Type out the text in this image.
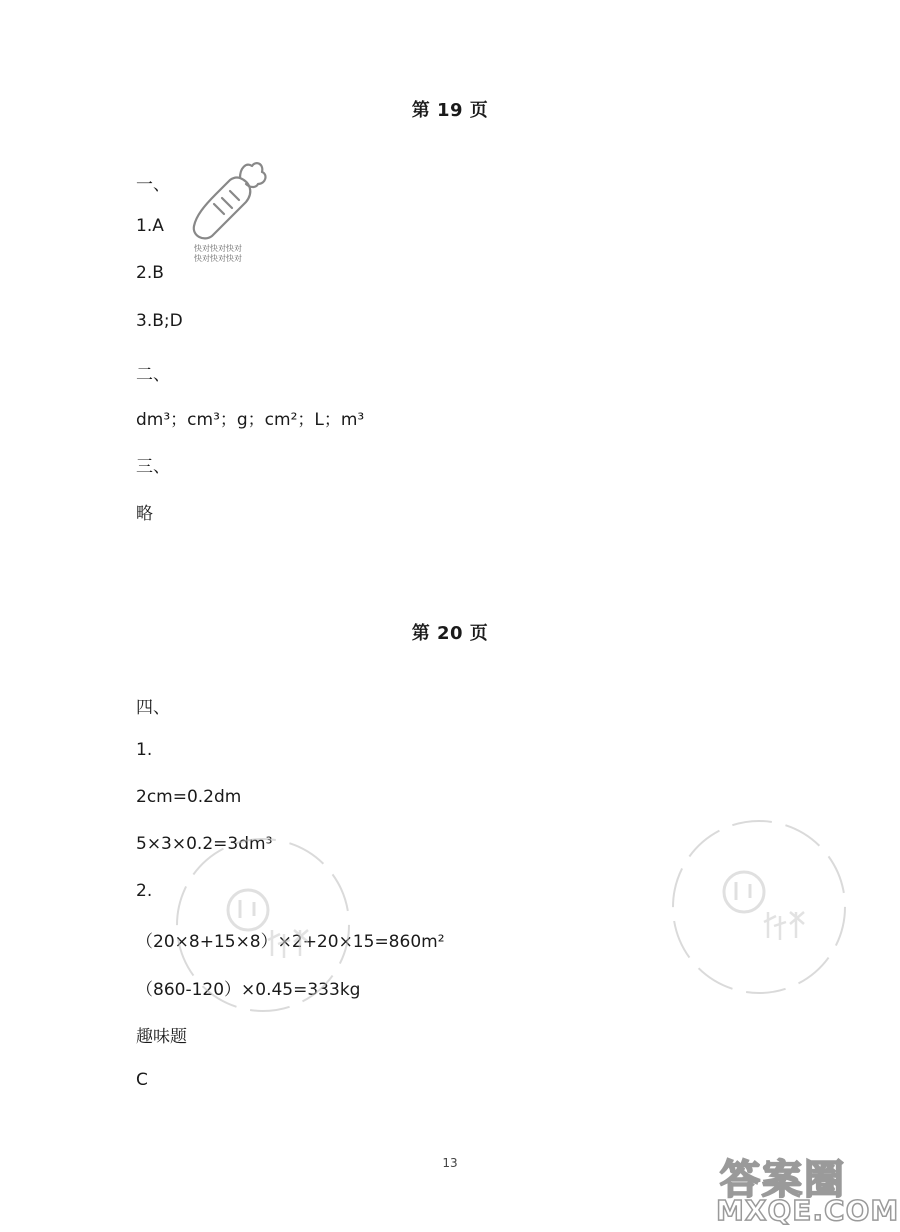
第 19 页
一、
1.A
2.B
3.B;D
二、
dm³；cm³；g；cm²；L；m³
三、
略
快对快对快对
快对快对快对
第 20 页
四、
1.
2cm=0.2dm
5×3×0.2=3dm³
2.
（20×8+15×8）×2+20×15=860m²
（860-120）×0.45=333kg
趣味题
C
13	答案圈
MXQE.COM
